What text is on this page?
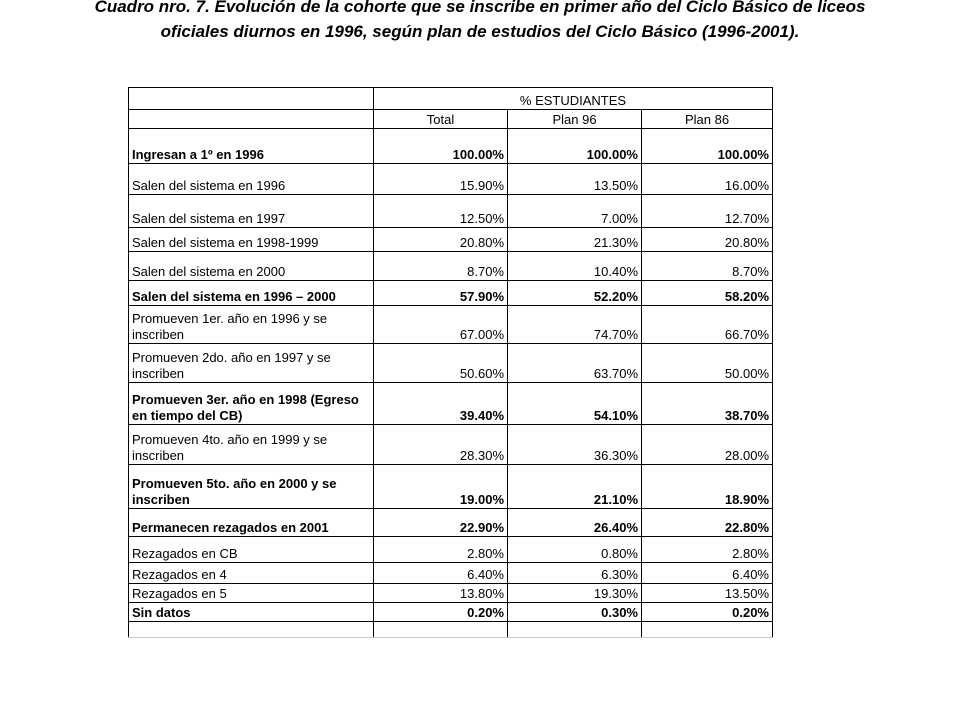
Cuadro nro. 7. Evolución de la cohorte que se inscribe en primer año del Ciclo Básico de liceos oficiales diurnos en 1996, según plan de estudios del Ciclo Básico (1996-2001).

	% ESTUDIANTES		
	Total	Plan 96	Plan 86
Ingresan a 1º en 1996	100.00%	100.00%	100.00%
Salen del sistema en 1996	15.90%	13.50%	16.00%
Salen del sistema en 1997	12.50%	7.00%	12.70%
Salen del sistema en 1998-1999	20.80%	21.30%	20.80%
Salen del sistema en 2000	8.70%	10.40%	8.70%
Salen del sistema en 1996 – 2000	57.90%	52.20%	58.20%
Promueven 1er. año en 1996 y se inscriben	67.00%	74.70%	66.70%
Promueven 2do. año en 1997 y se inscriben	50.60%	63.70%	50.00%
Promueven 3er. año en 1998 (Egreso en tiempo del CB)	39.40%	54.10%	38.70%
Promueven 4to. año en 1999 y se inscriben	28.30%	36.30%	28.00%
Promueven 5to. año en 2000 y se inscriben	19.00%	21.10%	18.90%
Permanecen rezagados en 2001	22.90%	26.40%	22.80%
Rezagados en CB	2.80%	0.80%	2.80%
Rezagados en 4	6.40%	6.30%	6.40%
Rezagados en 5	13.80%	19.30%	13.50%
Sin datos	0.20%	0.30%	0.20%
